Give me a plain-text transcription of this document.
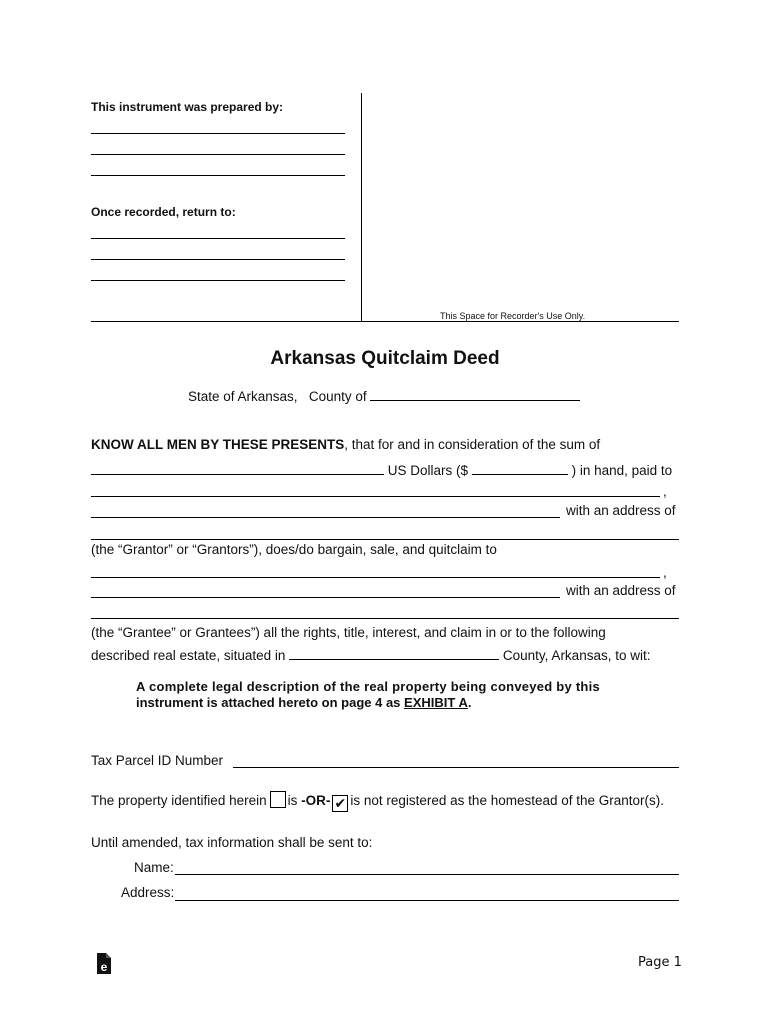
This instrument was prepared by:
Once recorded, return to:
This Space for Recorder's Use Only.
Arkansas Quitclaim Deed
State of Arkansas, County of
KNOW ALL MEN BY THESE PRESENTS, that for and in consideration of the sum of
US Dollars ($	) in hand, paid to
,
with an address of
(the “Grantor” or “Grantors”), does/do bargain, sale, and quitclaim to
,
with an address of
(the “Grantee” or Grantees”) all the rights, title, interest, and claim in or to the following
described real estate, situated in	County, Arkansas, to wit:
A complete legal description of the real property being conveyed by this
instrument is attached hereto on page 4 as EXHIBIT A.
Tax Parcel ID Number
The property identified herein is -OR- ✔ is not registered as the homestead of the Grantor(s).
Until amended, tax information shall be sent to:
Name:
Address:
e	Page 1
